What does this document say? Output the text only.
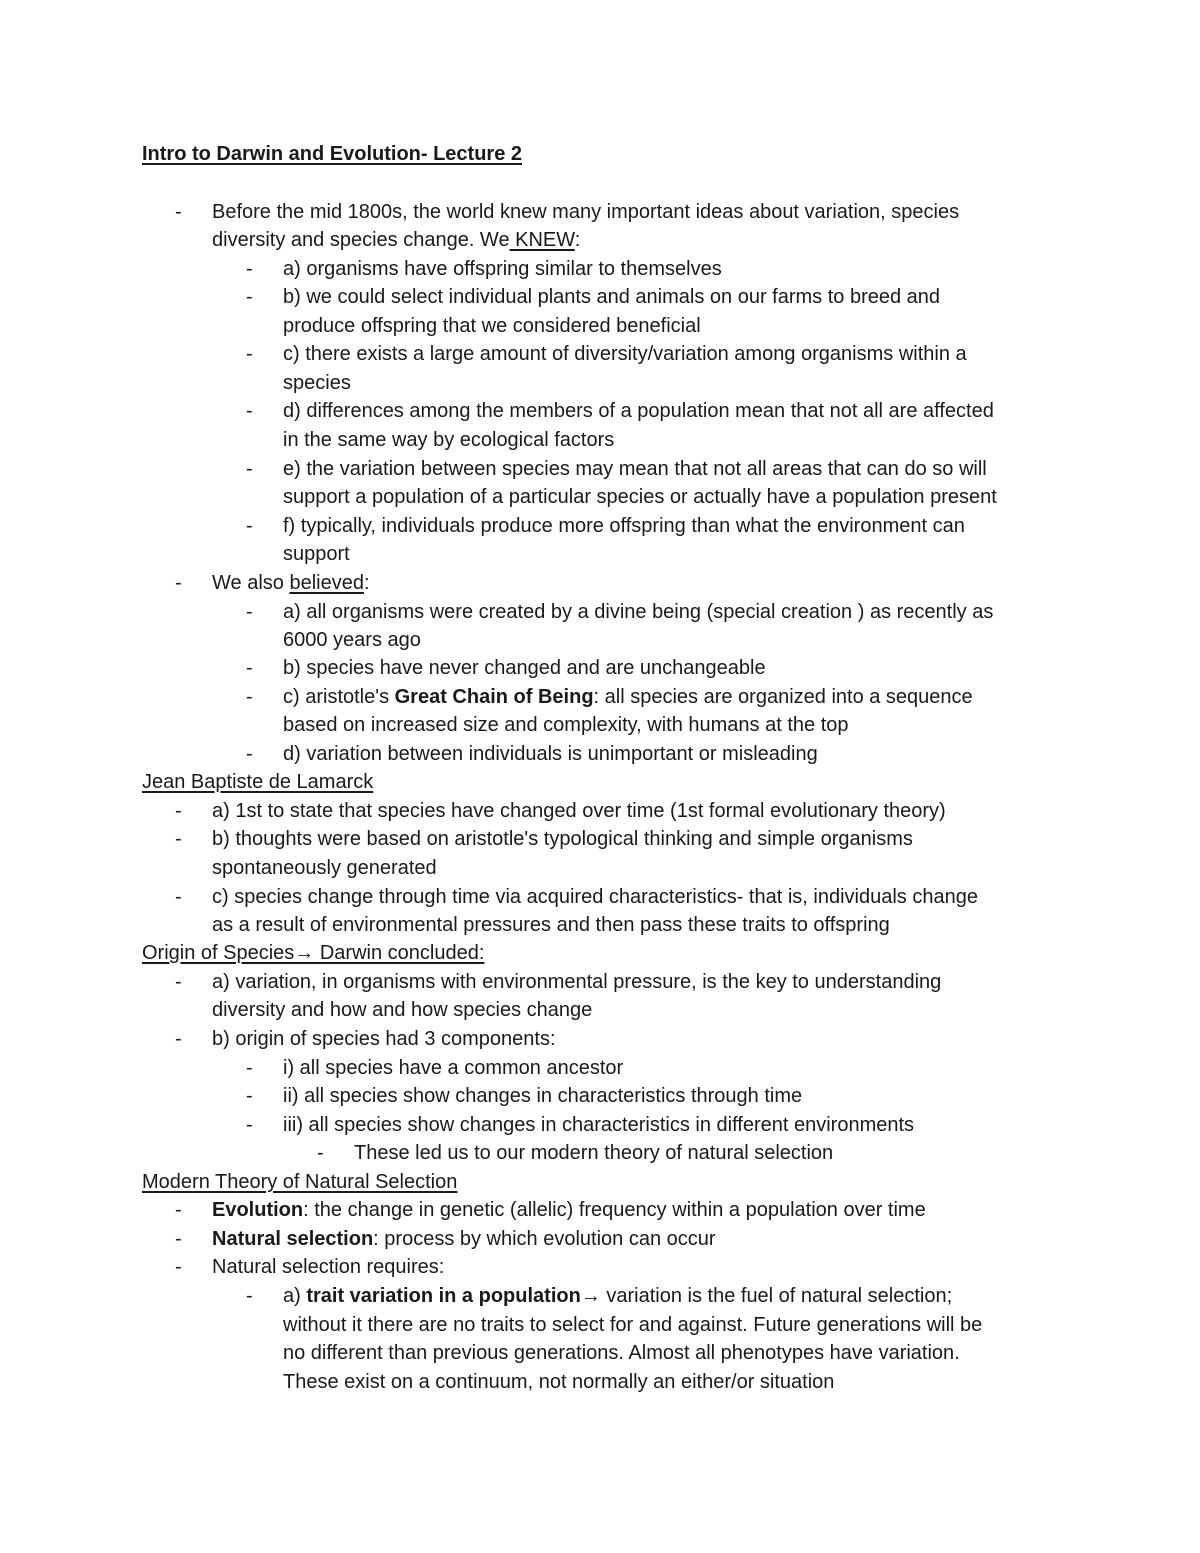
Intro to Darwin and Evolution- Lecture 2
- Before the mid 1800s, the world knew many important ideas about variation, species
diversity and species change. We KNEW:
- a) organisms have offspring similar to themselves
- b) we could select individual plants and animals on our farms to breed and
produce offspring that we considered beneficial
- c) there exists a large amount of diversity/variation among organisms within a
species
- d) differences among the members of a population mean that not all are affected
in the same way by ecological factors
- e) the variation between species may mean that not all areas that can do so will
support a population of a particular species or actually have a population present
- f) typically, individuals produce more offspring than what the environment can
support
- We also believed:
- a) all organisms were created by a divine being (special creation ) as recently as
6000 years ago
- b) species have never changed and are unchangeable
- c) aristotle's Great Chain of Being: all species are organized into a sequence
based on increased size and complexity, with humans at the top
- d) variation between individuals is unimportant or misleading
Jean Baptiste de Lamarck
- a) 1st to state that species have changed over time (1st formal evolutionary theory)
- b) thoughts were based on aristotle's typological thinking and simple organisms
spontaneously generated
- c) species change through time via acquired characteristics- that is, individuals change
as a result of environmental pressures and then pass these traits to offspring
Origin of Species→ Darwin concluded:
- a) variation, in organisms with environmental pressure, is the key to understanding
diversity and how and how species change
- b) origin of species had 3 components:
- i) all species have a common ancestor
- ii) all species show changes in characteristics through time
- iii) all species show changes in characteristics in different environments
- These led us to our modern theory of natural selection
Modern Theory of Natural Selection
- Evolution: the change in genetic (allelic) frequency within a population over time
- Natural selection: process by which evolution can occur
- Natural selection requires:
- a) trait variation in a population→ variation is the fuel of natural selection;
without it there are no traits to select for and against. Future generations will be
no different than previous generations. Almost all phenotypes have variation.
These exist on a continuum, not normally an either/or situation
